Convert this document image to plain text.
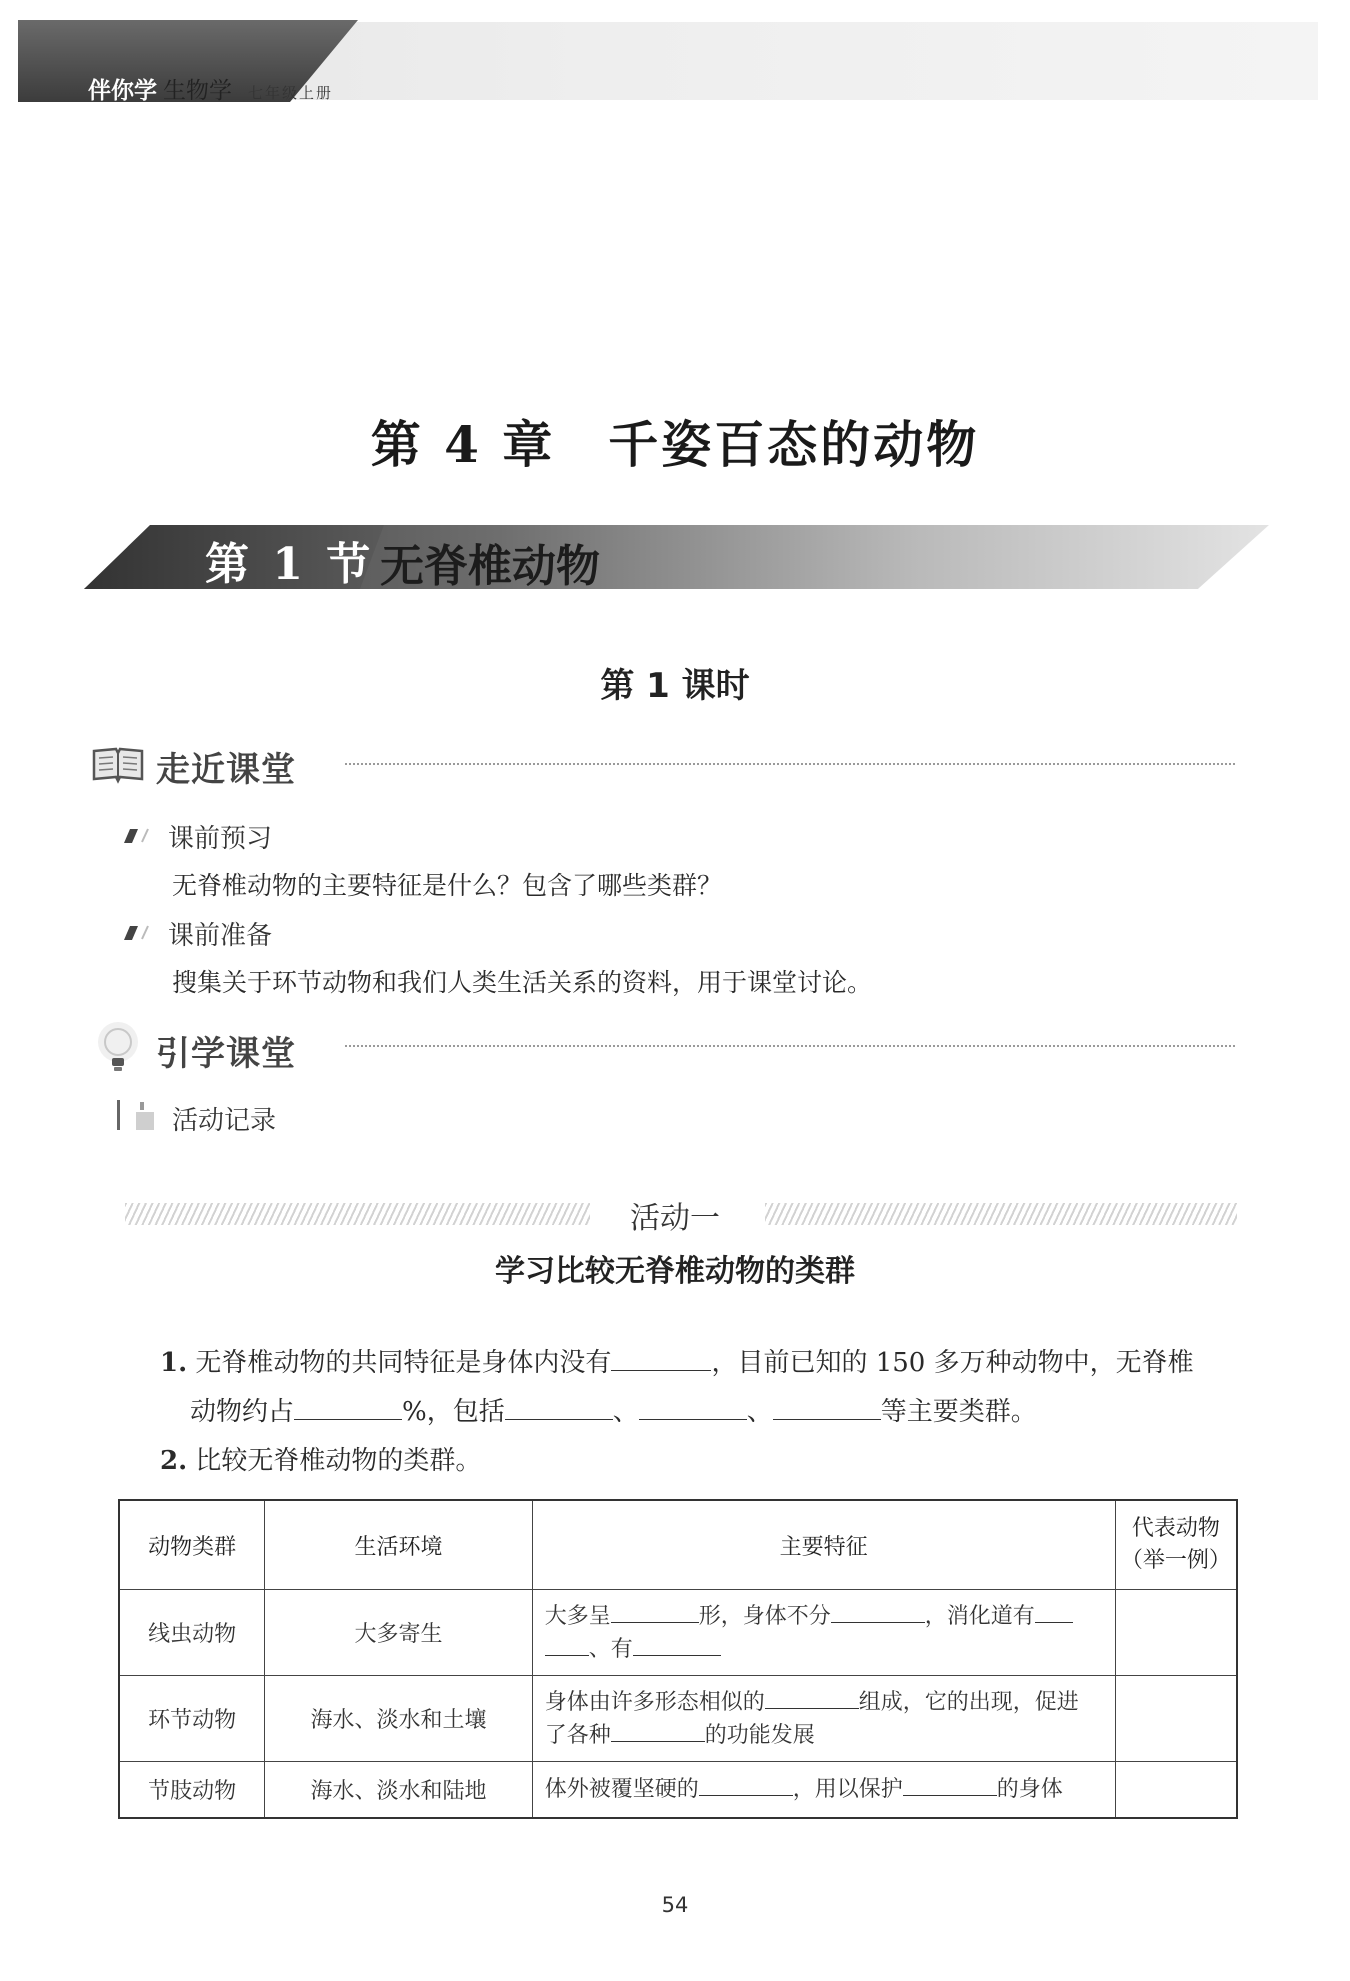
伴你学 生物学 七年级上册
第 4 章　千姿百态的动物
第 1 节 无脊椎动物
第 1 课时
走近课堂
课前预习
无脊椎动物的主要特征是什么？包含了哪些类群？
课前准备
搜集关于环节动物和我们人类生活关系的资料，用于课堂讨论。
引学课堂
活动记录
活动一
学习比较无脊椎动物的类群
1. 无脊椎动物的共同特征是身体内没有	，目前已知的 150 多万种动物中，无脊椎
动物约占	%，包括	、	、	等主要类群。
2. 比较无脊椎动物的类群。
动物类群	生活环境	主要特征	代表动物
（举一例）

线虫动物	大多寄生	大多呈 形，身体不分 ，消化道有
、有	
环节动物	海水、淡水和土壤	身体由许多形态相似的 组成，它的出现，促进
了各种 的功能发展	
节肢动物	海水、淡水和陆地	体外被覆坚硬的 ，用以保护 的身体	
54
